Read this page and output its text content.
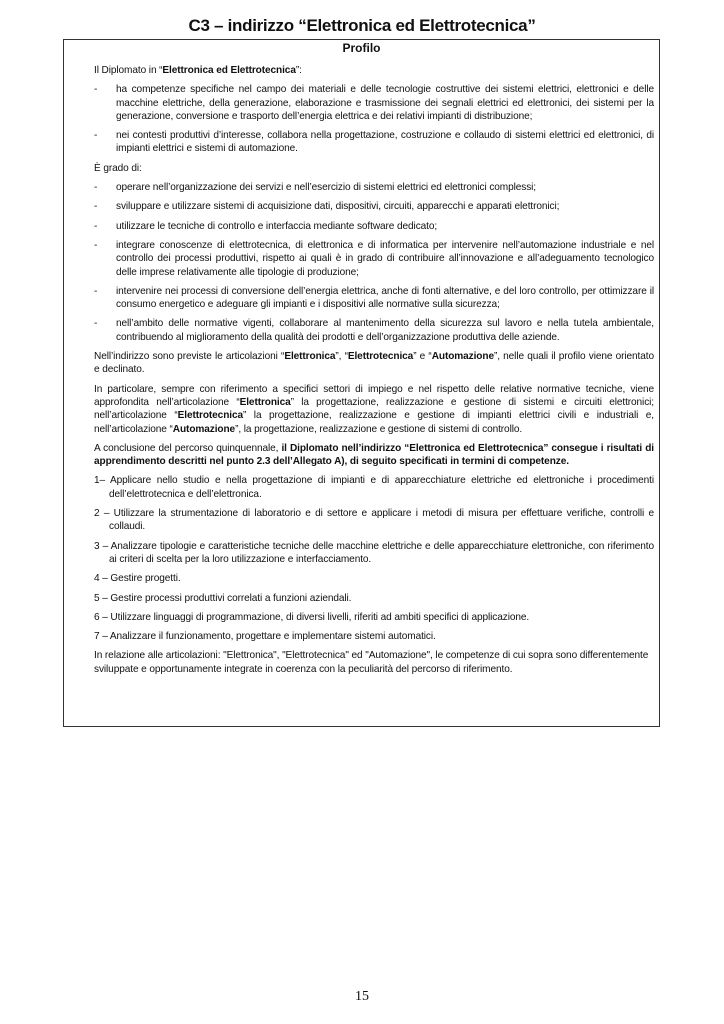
C3 – indirizzo “Elettronica ed Elettrotecnica”
Profilo

Il Diplomato in “Elettronica ed Elettrotecnica”:

-	ha competenze specifiche nel campo dei materiali e delle tecnologie costruttive dei sistemi elettrici, elettronici e delle macchine elettriche, della generazione, elaborazione e trasmissione dei segnali elettrici ed elettronici, dei sistemi per la generazione, conversione e trasporto dell’energia elettrica e dei relativi impianti di distribuzione;
-	nei contesti produttivi d’interesse, collabora nella progettazione, costruzione e collaudo di sistemi elettrici ed elettronici, di impianti elettrici e sistemi di automazione.

È grado di:

-	operare nell’organizzazione dei servizi e nell’esercizio di sistemi elettrici ed elettronici complessi;
-	sviluppare e utilizzare sistemi di acquisizione dati, dispositivi, circuiti, apparecchi e apparati elettronici;
-	utilizzare le tecniche di controllo e interfaccia mediante software dedicato;
-	integrare conoscenze di elettrotecnica, di elettronica e di informatica per intervenire nell’automazione industriale e nel controllo dei processi produttivi, rispetto ai quali è in grado di contribuire all’innovazione e all’adeguamento tecnologico delle imprese relativamente alle tipologie di produzione;
-	intervenire nei processi di conversione dell’energia elettrica, anche di fonti alternative, e del loro controllo, per ottimizzare il consumo energetico e adeguare gli impianti e i dispositivi alle normative sulla sicurezza;
-	nell’ambito delle normative vigenti, collaborare al mantenimento della sicurezza sul lavoro e nella tutela ambientale, contribuendo al miglioramento della qualità dei prodotti e dell’organizzazione produttiva delle aziende.

Nell’indirizzo sono previste le articolazioni “Elettronica”, “Elettrotecnica” e “Automazione”, nelle quali il profilo viene orientato e declinato.

In particolare, sempre con riferimento a specifici settori di impiego e nel rispetto delle relative normative tecniche, viene approfondita nell’articolazione “Elettronica” la progettazione, realizzazione e gestione di sistemi e circuiti elettronici; nell’articolazione “Elettrotecnica” la progettazione, realizzazione e gestione di impianti elettrici civili e industriali e, nell’articolazione “Automazione”, la progettazione, realizzazione e gestione di sistemi di controllo.

A conclusione del percorso quinquennale, il Diplomato nell’indirizzo “Elettronica ed Elettrotecnica” consegue i risultati di apprendimento descritti nel punto 2.3 dell’Allegato A), di seguito specificati in termini di competenze.

1– Applicare nello studio e nella progettazione di impianti e di apparecchiature elettriche ed elettroniche i procedimenti dell’elettrotecnica e dell’elettronica.

2 – Utilizzare la strumentazione di laboratorio e di settore e applicare i metodi di misura per effettuare verifiche, controlli e collaudi.

3 – Analizzare tipologie e caratteristiche tecniche delle macchine elettriche e delle apparecchiature elettroniche, con riferimento ai criteri di scelta per la loro utilizzazione e interfacciamento.

4 – Gestire progetti.

5 – Gestire processi produttivi correlati a funzioni aziendali.

6 – Utilizzare linguaggi di programmazione, di diversi livelli, riferiti ad ambiti specifici di applicazione.

7 – Analizzare il funzionamento, progettare e implementare sistemi automatici.

In relazione alle articolazioni: "Elettronica", "Elettrotecnica" ed "Automazione", le competenze di cui sopra sono differentemente sviluppate e opportunamente integrate in coerenza con la peculiarità del percorso di riferimento.

15
